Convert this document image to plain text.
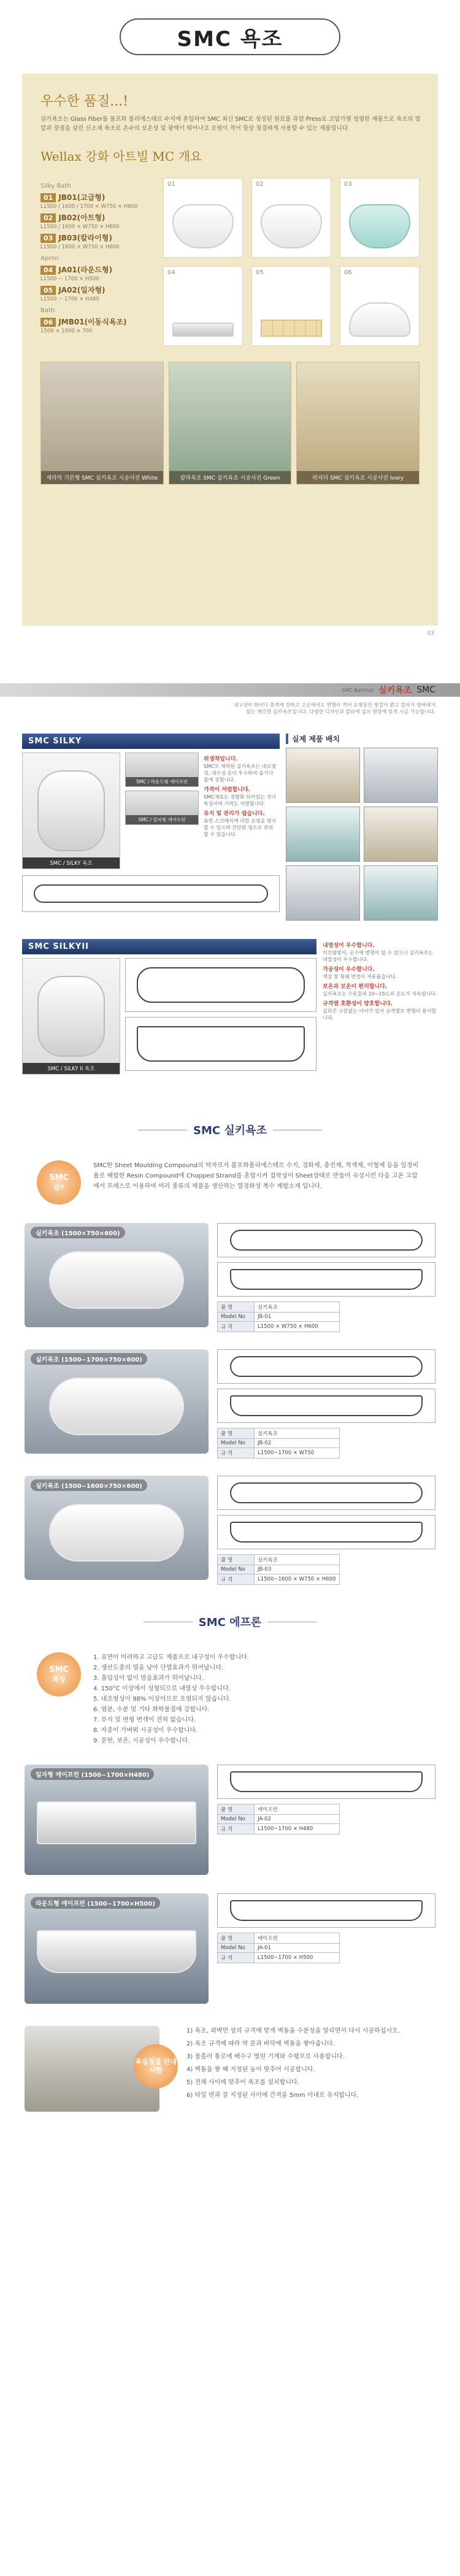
SMC 욕조
우수한 품질...!
실키욕조는 Glass Fiber를 불포화 폴리에스테르 수지에 혼입하여 SMC 최신 SMC로 정성된 원료를 유압 Press로 고압가열 성형한 제품으로 욕조의 빛깔과 장점을 살린 신소재 욕조로 온수의 보온성 및 광택이 뛰어나고 오염이 적어 항상 청결하게 사용할 수 있는 제품입니다.
Wellax 강화 아트빌 MC 개요
Silky Bath
01 JB01(고급형)
L1500 / 1600 / 1700 × W750 × H600
02 JB02(아트형)
L1500 / 1600 × W750 × H600
03 JB03(칼라이형)
L1500 / 1600 × W750 × H600
Apron
04 JA01(라운드형)
L1500 ~ 1700 × H500
05 JA02(일자형)
L1500 ~ 1700 × H480
Bath
06 JMB01(이동식욕조)
1500 × 1000 × 700
01	02	03
04	05	06
세라믹 기본형 SMC 실키욕조 시공사진 White	칼라욕조 SMC 실키욕조 시공사진 Green	럭셔리 SMC 실키욕조 시공사진 Ivory
03
SMC Bathtub 실키욕조 SMC
내구성이 뛰어나 충격에 강하고 고온에서도 변형이 적어 오랫동안 빛깔이 밝고 칼라가 빛바래지 않는 깨끗한 실키욕조입니다. 다양한 디자인과 칼라에 설치 현장에 맞게 시공 가능합니다.
SMC SILKY
SMC / SILKY 욕조
SMC / 라운드형 에이프런
SMC / 일자형 에이프런
위생적입니다.
SMC로 제작된 실키욕조는 내오염성, 내수성 등이 우수하여 습기나 물에 강합니다.
가격이 저렴합니다.
SMC재료는 경량화 되어있는 것이 특징이며 가격도 저렴합니다.
유지 및 관리가 쉽습니다.
표면 스크래치에 의한 오염을 방지할 수 있으며 간단한 청소로 관리할 수 있습니다.
실제 제품 배치
SMC SILKYII
SMC / SILKY II 욕조
내열성이 우수합니다.
미끄럼방지, 온수에 변형이 될 수 있으나 실키욕조는 내열성이 우수합니다.
가공성이 우수합니다.
색상 및 형태 변경이 자유롭습니다.
보온과 보온이 편리합니다.
실키욕조는 수돗물의 10~15도의 온도가 지속됩니다.
규격별 호환성이 양호합니다.
실리콘 구분없는 이어가 있어 규격별로 변형이 용이합니다.
SMC 실키욕조
SMC
란?
SMC란 Sheet Moulding Compound의 약자로서 불포화폴리에스테르 수지, 경화제, 충진제, 착색제, 이형제 등을 일정비율로 배합한 Resin Compound에 Chopped Strand를 혼합시켜 접착성이 Sheet상태로 만들어 숙성시킨 다음 고온 고압에서 프레스로 이용하여 여러 종류의 제품을 생산하는 열경화성 복수 제합소재 입니다.
실키욕조 (1500×750×600)
품 명	실키욕조
Model No	JB-01
규 격	L1500 × W750 × H600
실키욕조 (1500~1700×750×600)
품 명	실키욕조
Model No	JB-02
규 격	L1500~1700 × W750
실키욕조 (1500~1600×750×600)
품 명	실키욕조
Model No	JB-03
규 격	L1500~1600 × W750 × H600
SMC 에프론
SMC
특징
1. 표면이 미려하고 고급도 제품으로 내구성이 우수합니다.
2. 생산도중의 열을 낮아 단열효과가 뛰어납니다.
3. 흡입성이 없이 방음효과가 뛰어납니다.
4. 150°C 이상에서 성형되므로 내열성 우수합니다.
5. 내오염성이 98% 이상이므로 오염되지 않습니다.
6. 염분, 수분 및 기타 화학물질에 강합니다.
7. 부식 및 변형 변색이 전혀 없습니다.
8. 자중이 가벼워 시공성이 우수합니다.
9. 문헌, 보온, 시공성이 우수합니다.
일자형 에이프런 (1500~1700×H480)
품 명	에이프런
Model No	JA-02
규 격	L1500~1700 × H480
라운드형 에이프런 (1500~1700×H500)
품 명	에이프런
Model No	JA-01
규 격	L1500~1700 × H500
욕실청결 안내사항

1) 욕조, 외벽면 상의 규격에 맞게 벽돌을 수분성을 알리면서 다시 시공하십시오.

2) 욕조 규격에 따라 약 문과 바닥에 벽돌을 쌓아줍니다.

3) 물흘러 통로에 배수구 벌린 기계와 수평으로 사용합니다.

4) 벽돌을 쌓 때 지정된 높이 맞추어 시공합니다.

5) 전체 사이에 맞추어 욕조를 설치합니다.

6) 타일 면과 잘 지정된 사이에 간격을 5mm 이내로 유지합니다.
